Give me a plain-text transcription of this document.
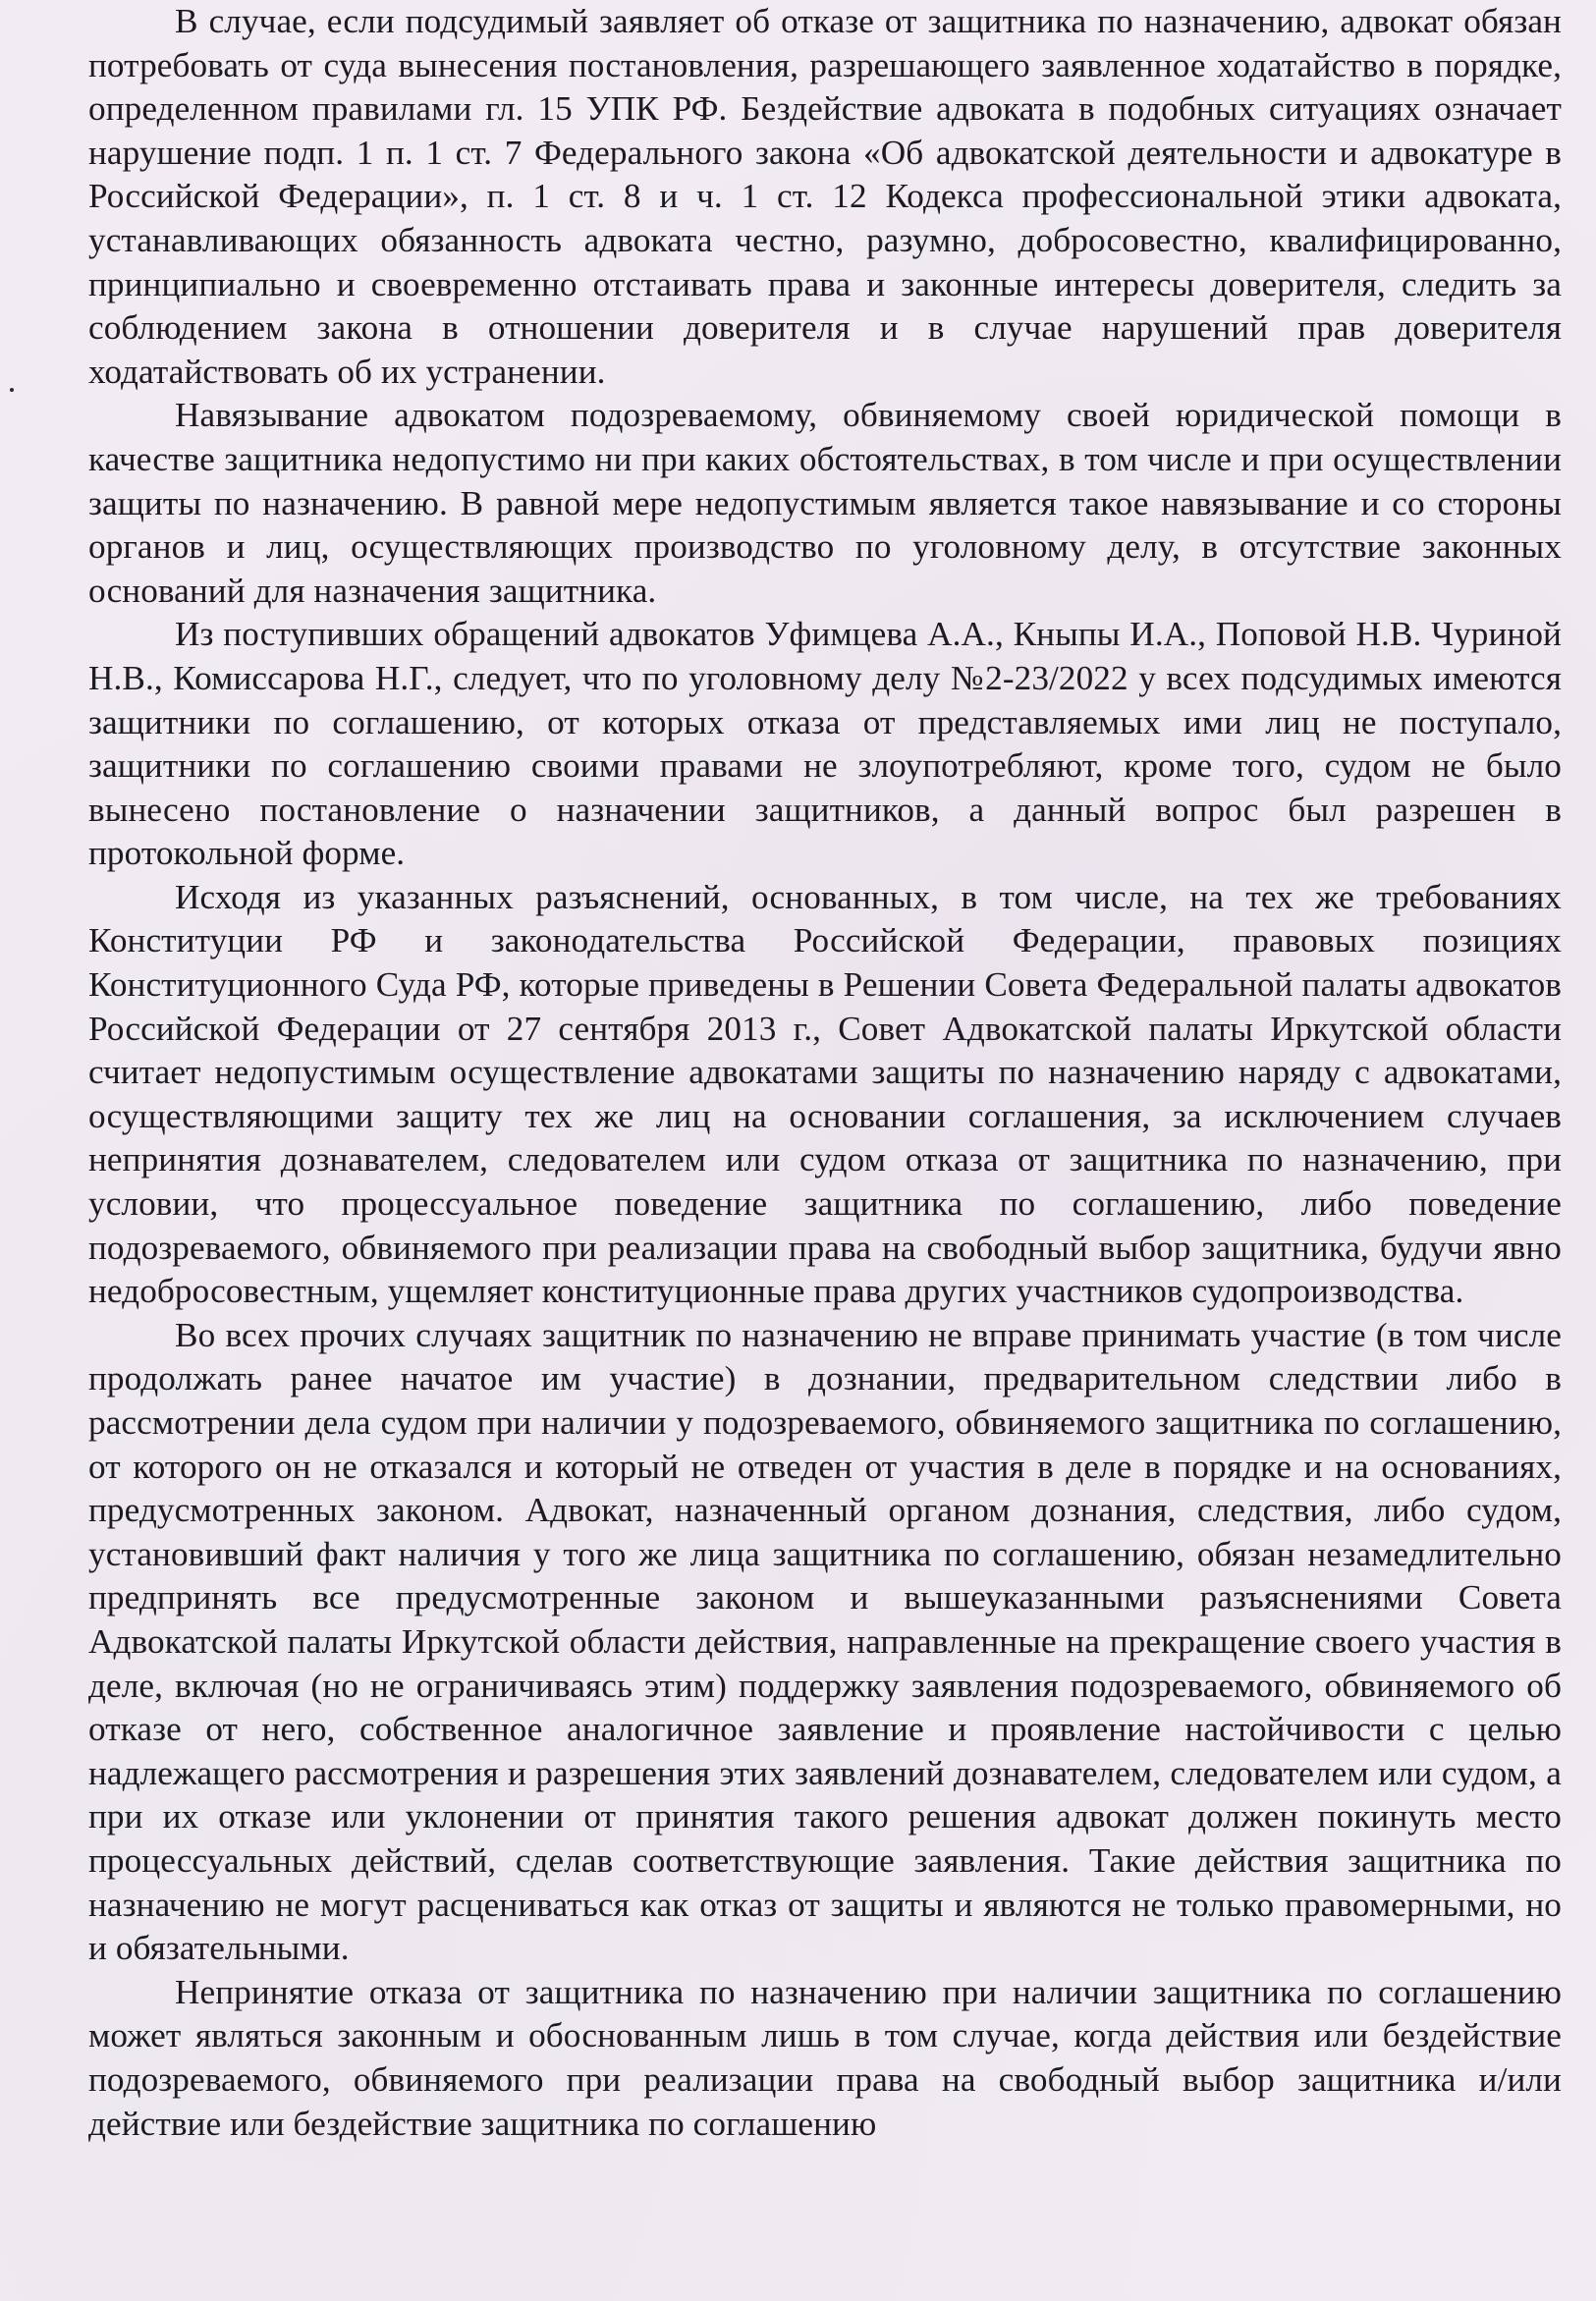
В случае, если подсудимый заявляет об отказе от защитника по назначению, адвокат обязан потребовать от суда вынесения постановления, разрешающего заявленное ходатайство в порядке, определенном правилами гл. 15 УПК РФ. Бездействие адвоката в подобных ситуациях означает нарушение подп. 1 п. 1 ст. 7 Федерального закона «Об адвокатской деятельности и адвокатуре в Российской Федерации», п. 1 ст. 8 и ч. 1 ст. 12 Кодекса профессиональной этики адвоката, устанавливающих обязанность адвоката честно, разумно, добросовестно, квалифицированно, принципиально и своевременно отстаивать права и законные интересы доверителя, следить за соблюдением закона в отношении доверителя и в случае нарушений прав доверителя ходатайствовать об их устранении.

Навязывание адвокатом подозреваемому, обвиняемому своей юридической помощи в качестве защитника недопустимо ни при каких обстоятельствах, в том числе и при осуществлении защиты по назначению. В равной мере недопустимым является такое навязывание и со стороны органов и лиц, осуществляющих производство по уголовному делу, в отсутствие законных оснований для назначения защитника.

Из поступивших обращений адвокатов Уфимцева А.А., Кныпы И.А., Поповой Н.В. Чуриной Н.В., Комиссарова Н.Г., следует, что по уголовному делу №2-23/2022 у всех подсудимых имеются защитники по соглашению, от которых отказа от представляемых ими лиц не поступало, защитники по соглашению своими правами не злоупотребляют, кроме того, судом не было вынесено постановление о назначении защитников, а данный вопрос был разрешен в протокольной форме.

Исходя из указанных разъяснений, основанных, в том числе, на тех же требованиях Конституции РФ и законодательства Российской Федерации, правовых позициях Конституционного Суда РФ, которые приведены в Решении Совета Федеральной палаты адвокатов Российской Федерации от 27 сентября 2013 г., Совет Адвокатской палаты Иркутской области считает недопустимым осуществление адвокатами защиты по назначению наряду с адвокатами, осуществляющими защиту тех же лиц на основании соглашения, за исключением случаев непринятия дознавателем, следователем или судом отказа от защитника по назначению, при условии, что процессуальное поведение защитника по соглашению, либо поведение подозреваемого, обвиняемого при реализации права на свободный выбор защитника, будучи явно недобросовестным, ущемляет конституционные права других участников судопроизводства.

Во всех прочих случаях защитник по назначению не вправе принимать участие (в том числе продолжать ранее начатое им участие) в дознании, предварительном следствии либо в рассмотрении дела судом при наличии у подозреваемого, обвиняемого защитника по соглашению, от которого он не отказался и который не отведен от участия в деле в порядке и на основаниях, предусмотренных законом. Адвокат, назначенный органом дознания, следствия, либо судом, установивший факт наличия у того же лица защитника по соглашению, обязан незамедлительно предпринять все предусмотренные законом и вышеуказанными разъяснениями Совета Адвокатской палаты Иркутской области действия, направленные на прекращение своего участия в деле, включая (но не ограничиваясь этим) поддержку заявления подозреваемого, обвиняемого об отказе от него, собственное аналогичное заявление и проявление настойчивости с целью надлежащего рассмотрения и разрешения этих заявлений дознавателем, следователем или судом, а при их отказе или уклонении от принятия такого решения адвокат должен покинуть место процессуальных действий, сделав соответствующие заявления. Такие действия защитника по назначению не могут расцениваться как отказ от защиты и являются не только правомерными, но и обязательными.

Непринятие отказа от защитника по назначению при наличии защитника по соглашению может являться законным и обоснованным лишь в том случае, когда действия или бездействие подозреваемого, обвиняемого при реализации права на свободный выбор защитника и/или действие или бездействие защитника по соглашению
